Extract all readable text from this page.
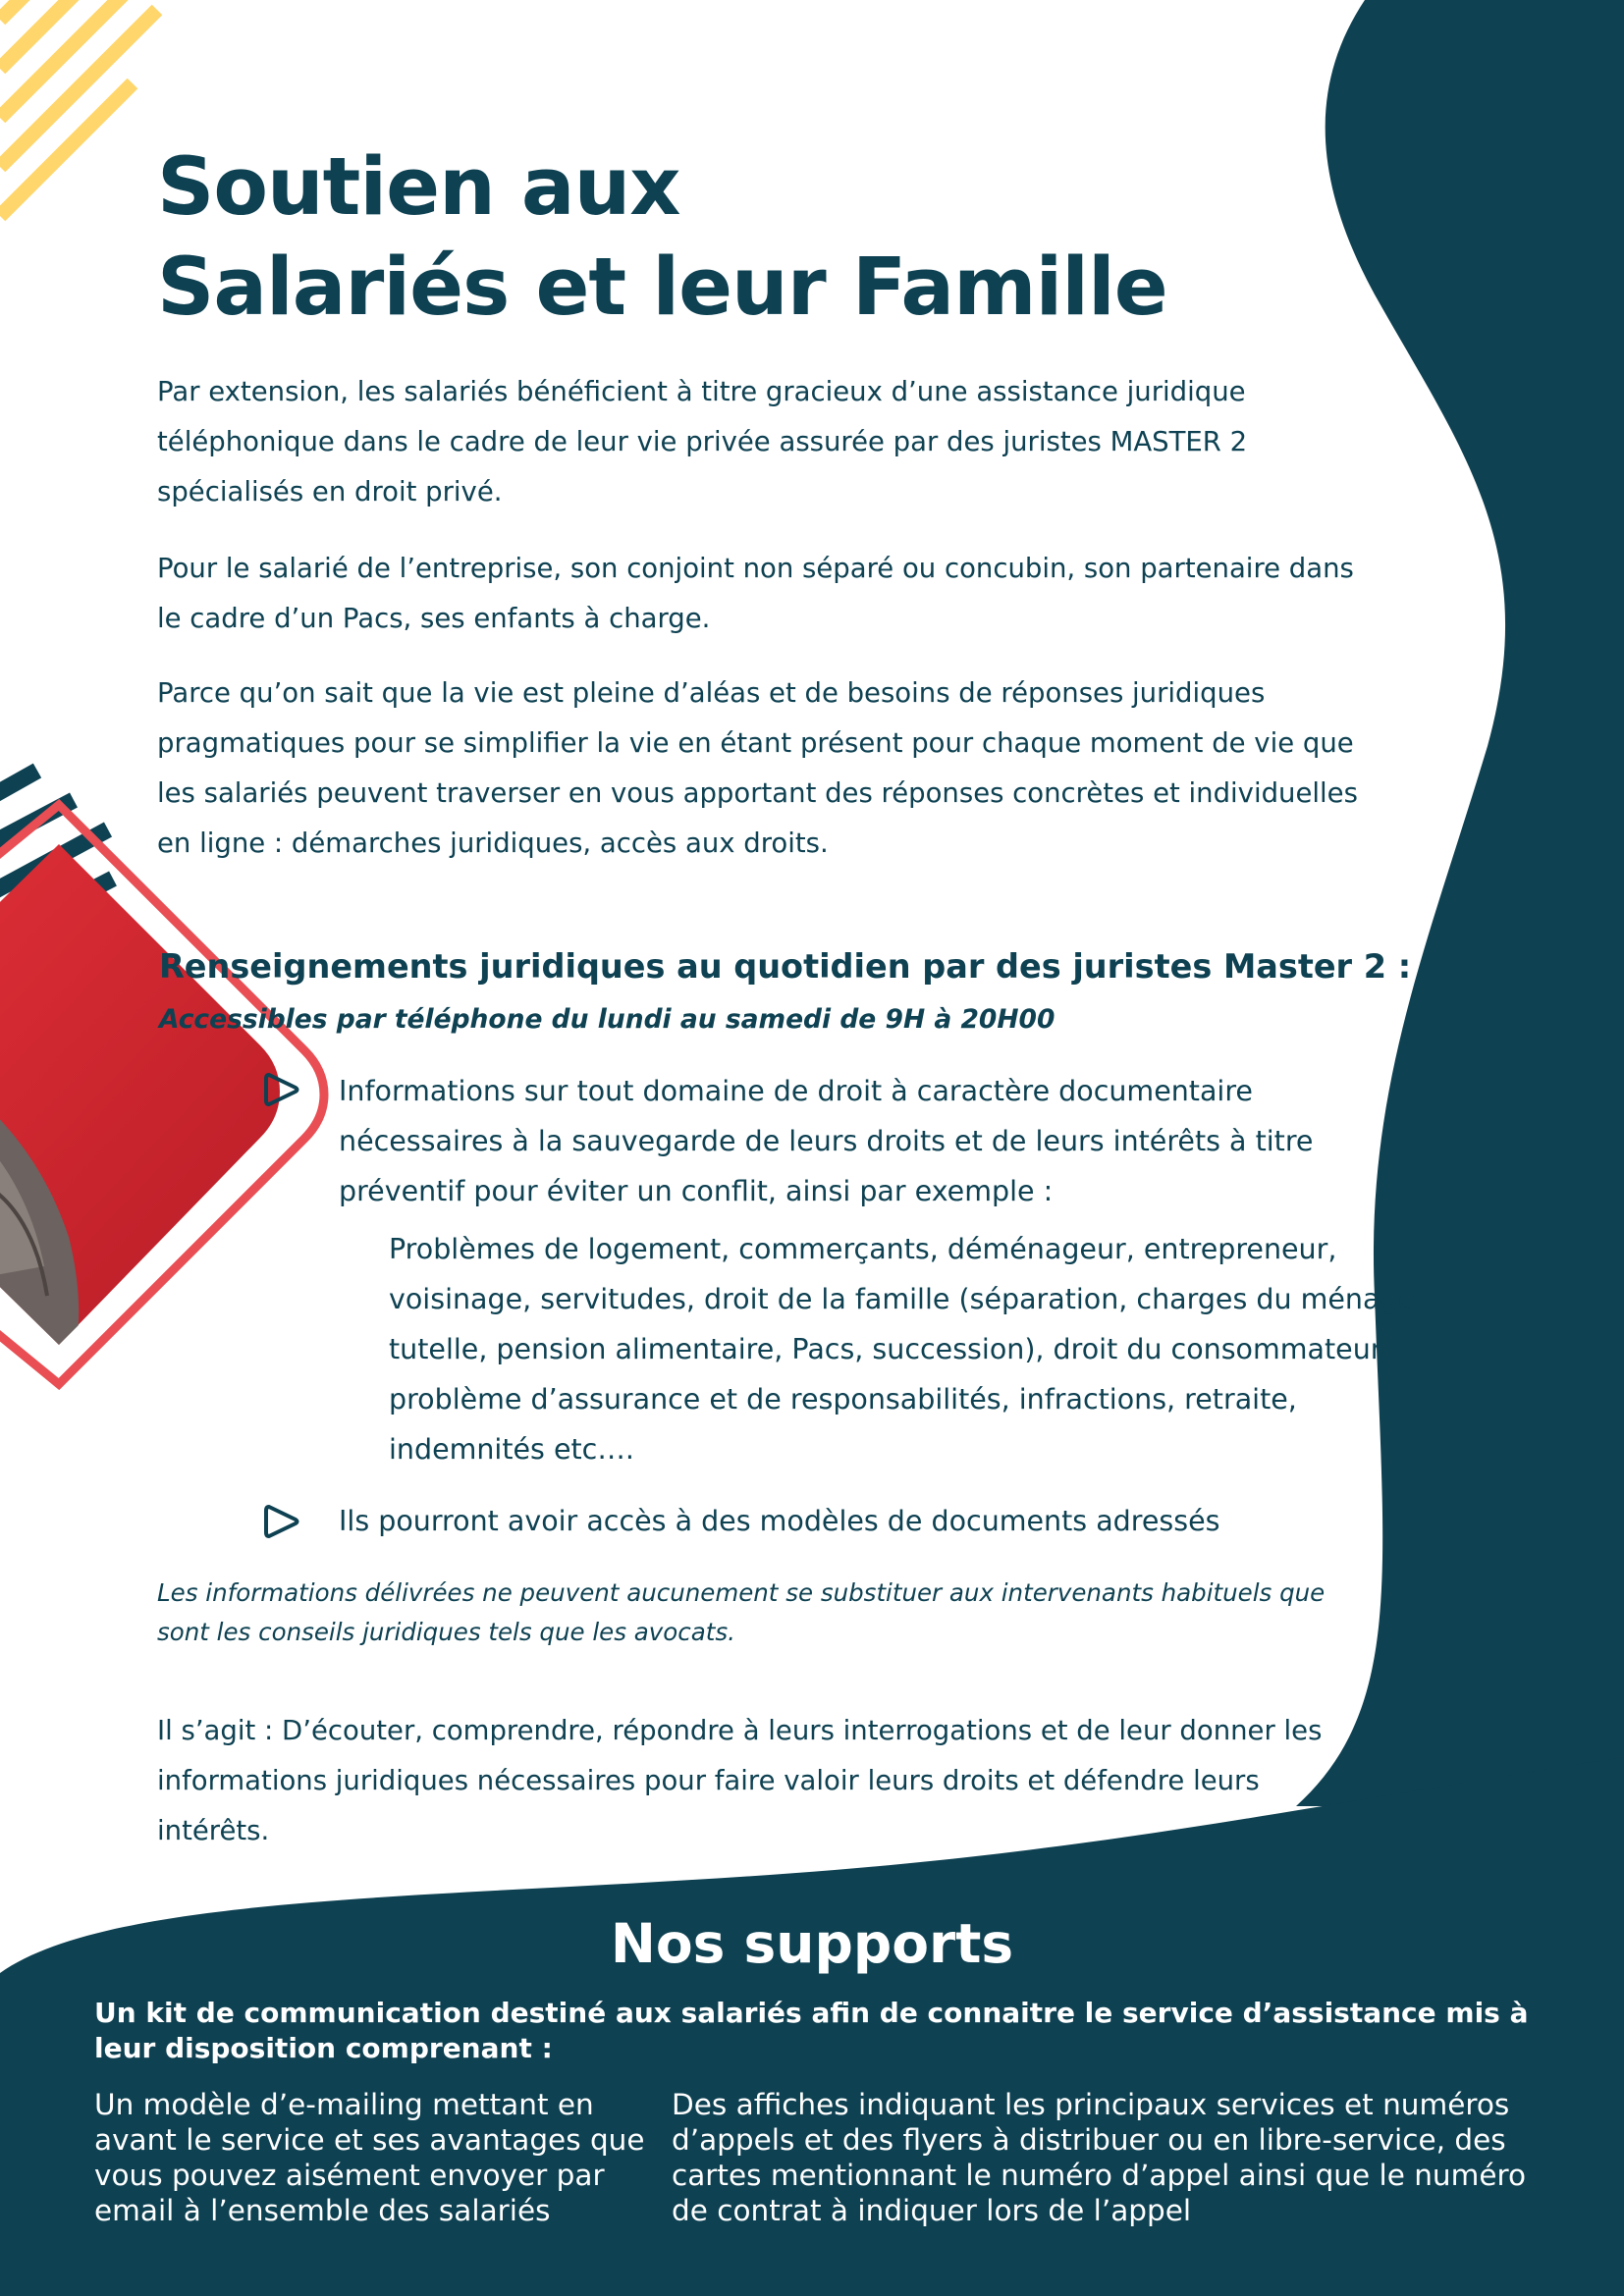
Soutien aux
Salariés et leur Famille

Par extension, les salariés bénéficient à titre gracieux d’une assistance juridique téléphonique dans le cadre de leur vie privée assurée par des juristes MASTER 2 spécialisés en droit privé.

Pour le salarié de l’entreprise, son conjoint non séparé ou concubin, son partenaire dans le cadre d’un Pacs, ses enfants à charge.

Parce qu’on sait que la vie est pleine d’aléas et de besoins de réponses juridiques pragmatiques pour se simplifier la vie en étant présent pour chaque moment de vie que les salariés peuvent traverser en vous apportant des réponses concrètes et individuelles en ligne : démarches juridiques, accès aux droits.

Renseignements juridiques au quotidien par des juristes Master 2 :

Accessibles par téléphone du lundi au samedi de 9H à 20H00

Informations sur tout domaine de droit à caractère documentaire nécessaires à la sauvegarde de leurs droits et de leurs intérêts à titre préventif pour éviter un conflit, ainsi par exemple :

Problèmes de logement, commerçants, déménageur, entrepreneur, voisinage, servitudes, droit de la famille (séparation, charges du ménage, tutelle, pension alimentaire, Pacs, succession), droit du consommateur, problème d’assurance et de responsabilités, infractions, retraite, indemnités etc….

Ils pourront avoir accès à des modèles de documents adressés

Les informations délivrées ne peuvent aucunement se substituer aux intervenants habituels que sont les conseils juridiques tels que les avocats.

Il s’agit : D’écouter, comprendre, répondre à leurs interrogations et de leur donner les informations juridiques nécessaires pour faire valoir leurs droits et défendre leurs intérêts.

Nos supports

Un kit de communication destiné aux salariés afin de connaitre le service d’assistance mis à leur disposition comprenant :

Un modèle d’e-mailing mettant en avant le service et ses avantages que vous pouvez aisément envoyer par email à l’ensemble des salariés

Des affiches indiquant les principaux services et numéros d’appels et des flyers à distribuer ou en libre-service, des cartes mentionnant le numéro d’appel ainsi que le numéro de contrat à indiquer lors de l’appel
